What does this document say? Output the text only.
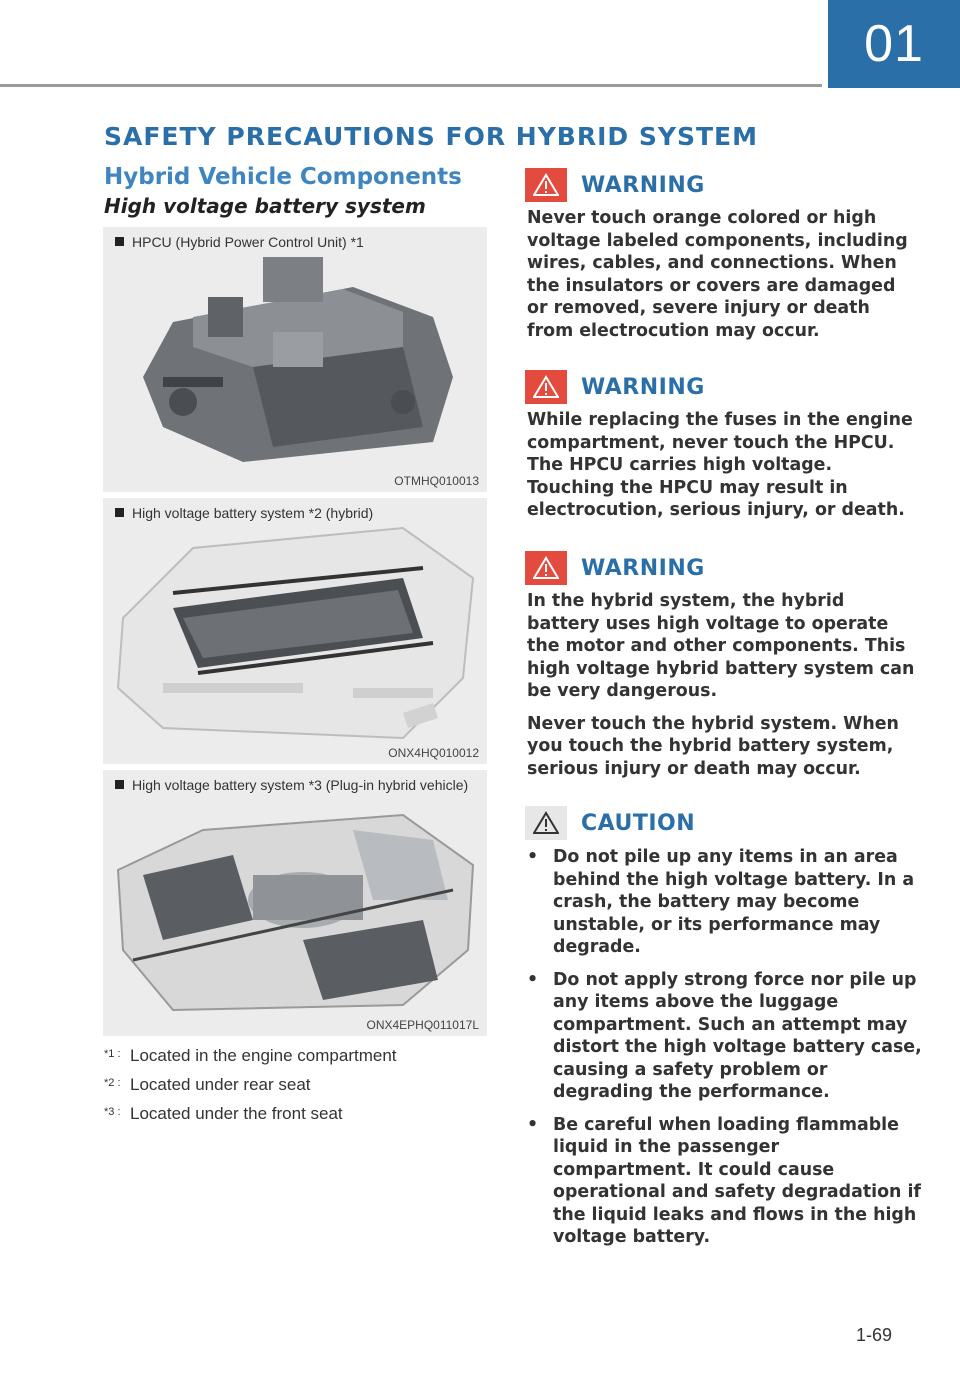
01
SAFETY PRECAUTIONS FOR HYBRID SYSTEM
Hybrid Vehicle Components
High voltage battery system
HPCU (Hybrid Power Control Unit) *1
OTMHQ010013
High voltage battery system *2 (hybrid)
ONX4HQ010012
High voltage battery system *3 (Plug-in hybrid vehicle)
ONX4EPHQ011017L
*1 : Located in the engine compartment
*2 : Located under rear seat
*3 : Located under the front seat
WARNING

Never touch orange colored or high voltage labeled components, including wires, cables, and connections. When the insulators or covers are damaged or removed, severe injury or death from electrocution may occur.

WARNING

While replacing the fuses in the engine compartment, never touch the HPCU. The HPCU carries high voltage. Touching the HPCU may result in electrocution, serious injury, or death.

WARNING

In the hybrid system, the hybrid battery uses high voltage to operate the motor and other components. This high voltage hybrid battery system can be very dangerous.

Never touch the hybrid system. When you touch the hybrid battery system, serious injury or death may occur.

CAUTION
• Do not pile up any items in an area behind the high voltage battery. In a crash, the battery may become unstable, or its performance may degrade.
• Do not apply strong force nor pile up any items above the luggage compartment. Such an attempt may distort the high voltage battery case, causing a safety problem or degrading the performance.
• Be careful when loading flammable liquid in the passenger compartment. It could cause operational and safety degradation if the liquid leaks and flows in the high voltage battery.
1-69
